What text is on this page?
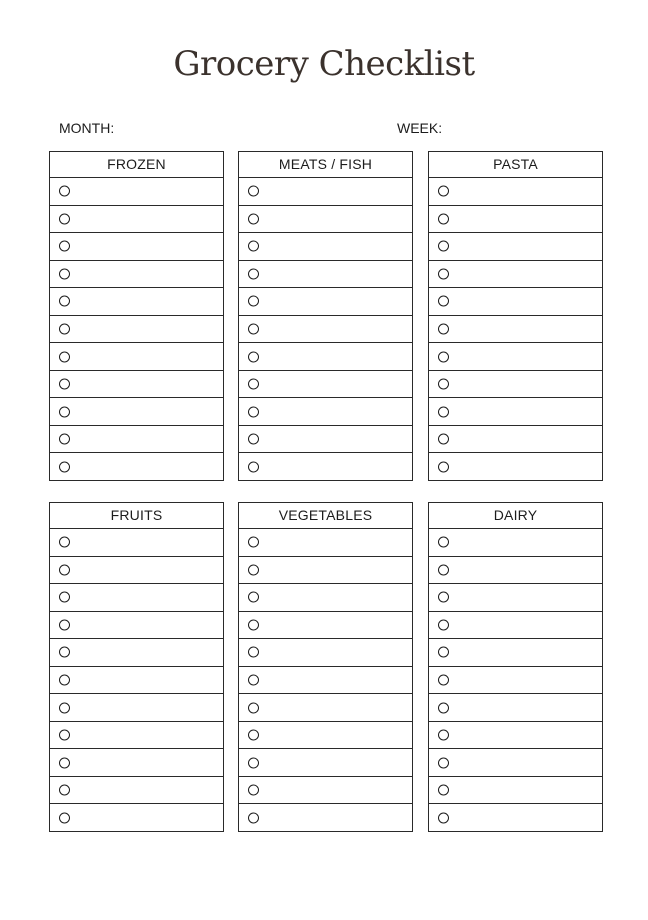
Grocery Checklist
MONTH:	WEEK:
FROZEN	MEATS / FISH	PASTA
FRUITS	VEGETABLES	DAIRY
